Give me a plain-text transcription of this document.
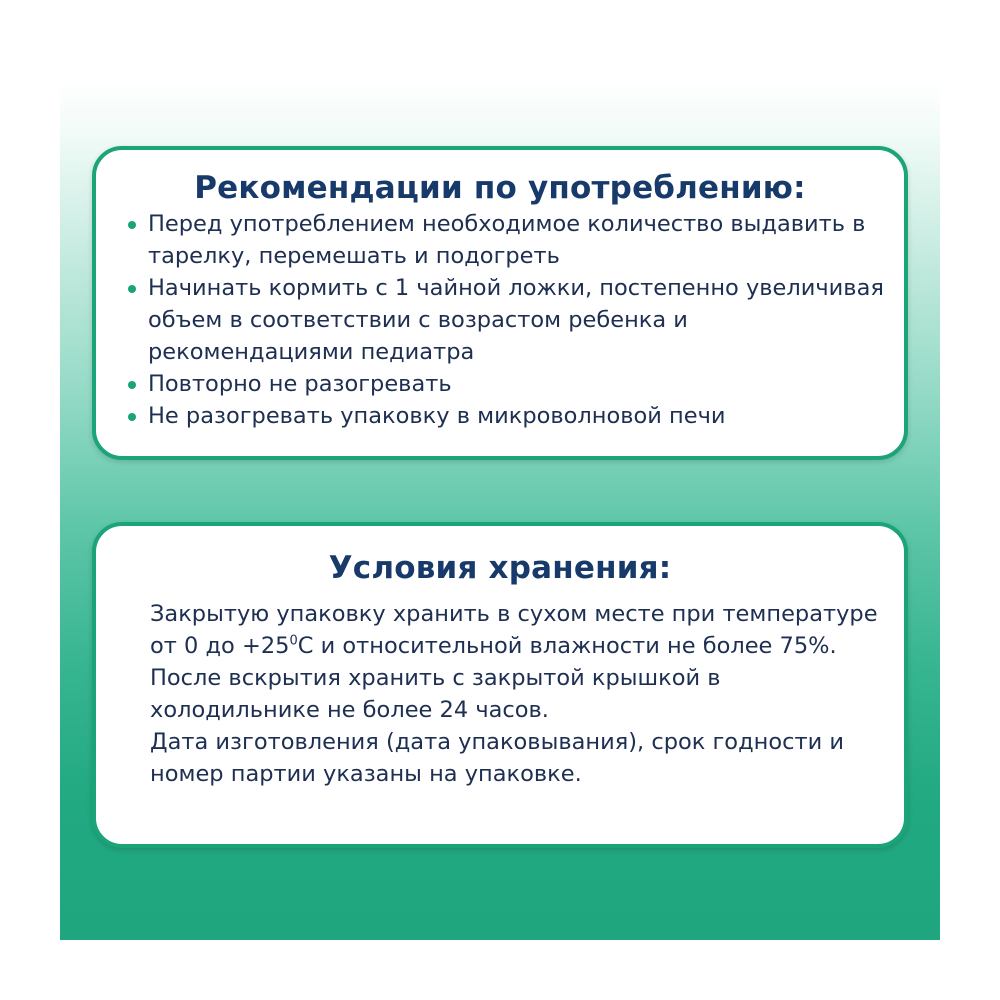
Рекомендации по употреблению:
Перед употреблением необходимое количество выдавить в тарелку, перемешать и подогреть
Начинать кормить с 1 чайной ложки, постепенно увеличивая объем в соответствии с возрастом ребенка и рекомендациями педиатра
Повторно не разогревать
Не разогревать упаковку в микроволновой печи
Условия хранения:

Закрытую упаковку хранить в сухом месте при температуре от 0 до $+25^0С$ и относительной влажности не более 75%.

После вскрытия хранить с закрытой крышкой в холодильнике не более 24 часов.

Дата изготовления (дата упаковывания), срок годности и номер партии указаны на упаковке.
